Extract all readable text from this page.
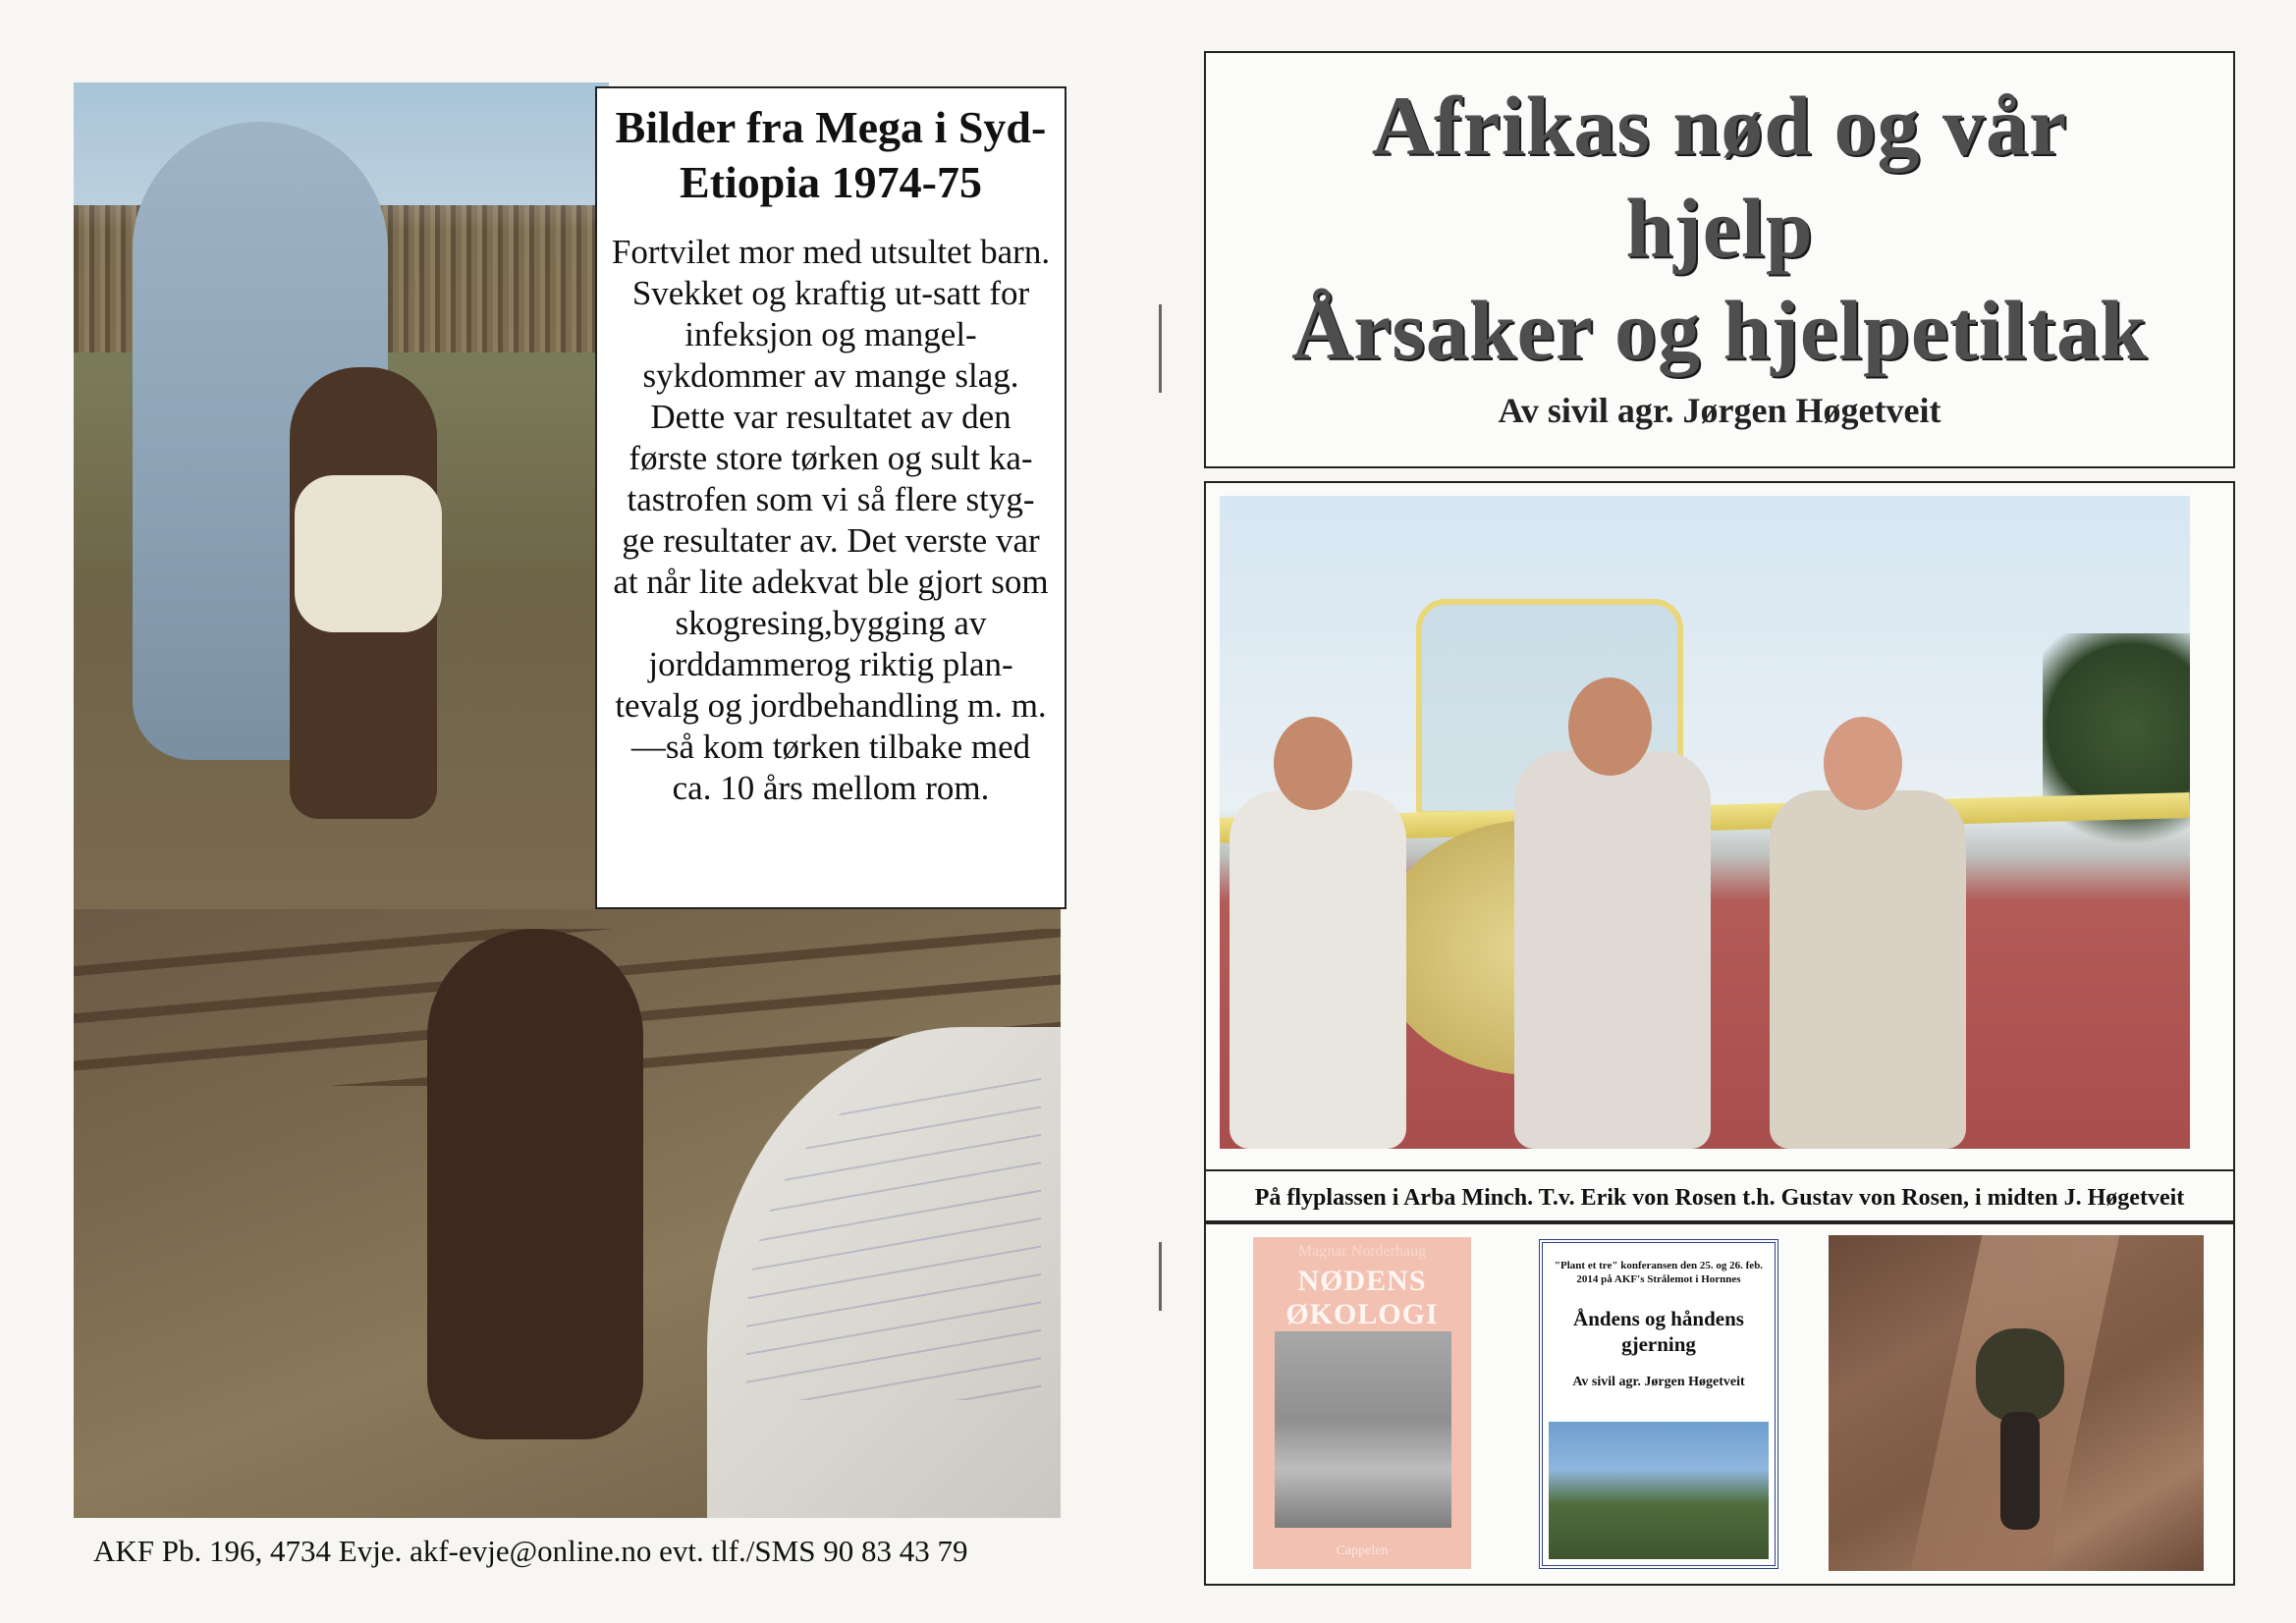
Bilder fra Mega i Syd-Etiopia 1974-75
Fortvilet mor med utsultet barn. Svekket og kraftig ut-satt for infeksjon og mangel-sykdommer av mange slag. Dette var resultatet av den første store tørken og sult ka-tastrofen som vi så flere styg-ge resultater av. Det verste var at når lite adekvat ble gjort som skogresing,bygging av jorddammerog riktig plan-tevalg og jordbehandling m. m.—så kom tørken tilbake med ca. 10 års mellom rom.
AKF Pb. 196, 4734 Evje. akf-evje@online.no evt. tlf./SMS 90 83 43 79
Afrikas nød og vår
hjelp
Årsaker og hjelpetiltak
Av sivil agr. Jørgen Høgetveit
På flyplassen i Arba Minch. T.v. Erik von Rosen t.h. Gustav von Rosen, i midten J. Høgetveit
Magnar Norderhaug
NØDENS ØKOLOGI
Cappelen
"Plant et tre" konferansen den 25. og 26. feb. 2014 på AKF's Strålemot i Hornnes
Åndens og håndens gjerning
Av sivil agr. Jørgen Høgetveit
